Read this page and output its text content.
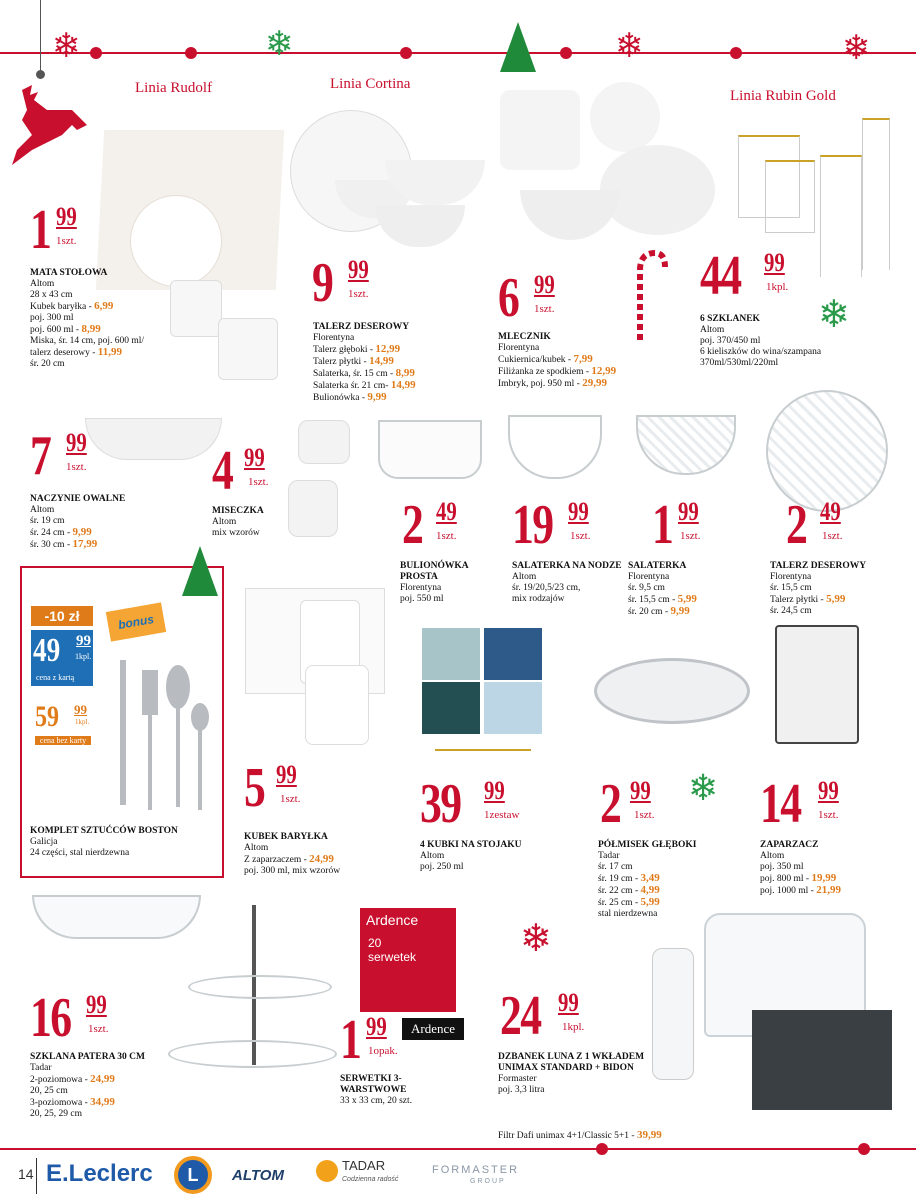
❄	❄	❄	❄
Linia Rudolf	Linia Cortina
Linia Rubin Gold
❄
-10 zł	bonus
49 99
1kpl.
cena z kartą
59 99
1kpl.
cena bez karty
❄
Ardence
20
serwetek
Ardence
❄
1 99
1szt.
MATA STOŁOWA
Altom
28 x 43 cm
Kubek baryłka - 6,99
poj. 300 ml
poj. 600 ml - 8,99
Miska, śr. 14 cm, poj. 600 ml/
talerz deserowy - 11,99
śr. 20 cm
9 99
1szt.
TALERZ DESEROWY
Florentyna
Talerz głęboki - 12,99
Talerz płytki - 14,99
Salaterka, śr. 15 cm - 8,99
Salaterka śr. 21 cm- 14,99
Bulionówka - 9,99
6 99
1szt.
MLECZNIK
Florentyna
Cukiernica/kubek - 7,99
Filiżanka ze spodkiem - 12,99
Imbryk, poj. 950 ml - 29,99
44 99
1kpl.
6 SZKLANEK
Altom
poj. 370/450 ml
6 kieliszków do wina/szampana
370ml/530ml/220ml
7 99
1szt.
NACZYNIE OWALNE
Altom
śr. 19 cm
śr. 24 cm - 9,99
śr. 30 cm - 17,99
4 99
1szt.
MISECZKA
Altom
mix wzorów	2 49
1szt.
BULIONÓWKA PROSTA
Florentyna
poj. 550 ml
19 99
1szt.
SALATERKA NA NODZE
Altom
śr. 19/20,5/23 cm,
mix rodzajów
1 99
1szt.
SALATERKA
Florentyna
śr. 9,5 cm
śr. 15,5 cm - 5,99
śr. 20 cm - 9,99
2 49
1szt.
TALERZ DESEROWY
Florentyna
śr. 15,5 cm
Talerz płytki - 5,99
śr. 24,5 cm
KOMPLET SZTUĆCÓW BOSTON
Galicja
24 części, stal nierdzewna
5 99
1szt.
KUBEK BARYŁKA
Altom
Z zaparzaczem - 24,99
poj. 300 ml, mix wzorów
39 99
1zestaw
4 KUBKI NA STOJAKU
Altom
poj. 250 ml
2 99
1szt.
PÓŁMISEK GŁĘBOKI
Tadar
śr. 17 cm
śr. 19 cm - 3,49
śr. 22 cm - 4,99
śr. 25 cm - 5,99
stal nierdzewna
14 99
1szt.
ZAPARZACZ
Altom
poj. 350 ml
poj. 800 ml - 19,99
poj. 1000 ml - 21,99
16 99
1szt.
SZKLANA PATERA 30 CM
Tadar
2-poziomowa - 24,99
20, 25 cm
3-poziomowa - 34,99
20, 25, 29 cm
1 99
1opak.
SERWETKI 3-WARSTWOWE
33 x 33 cm, 20 szt.
24 99
1kpl.
DZBANEK LUNA Z 1 WKŁADEM UNIMAX STANDARD + BIDON
Formaster
poj. 3,3 litra
Filtr Dafi unimax 4+1/Classic 5+1 - 39,99
14 E.Leclerc	L	ALTOM
TADAR
Codzienna radość
FORMASTER
GROUP
